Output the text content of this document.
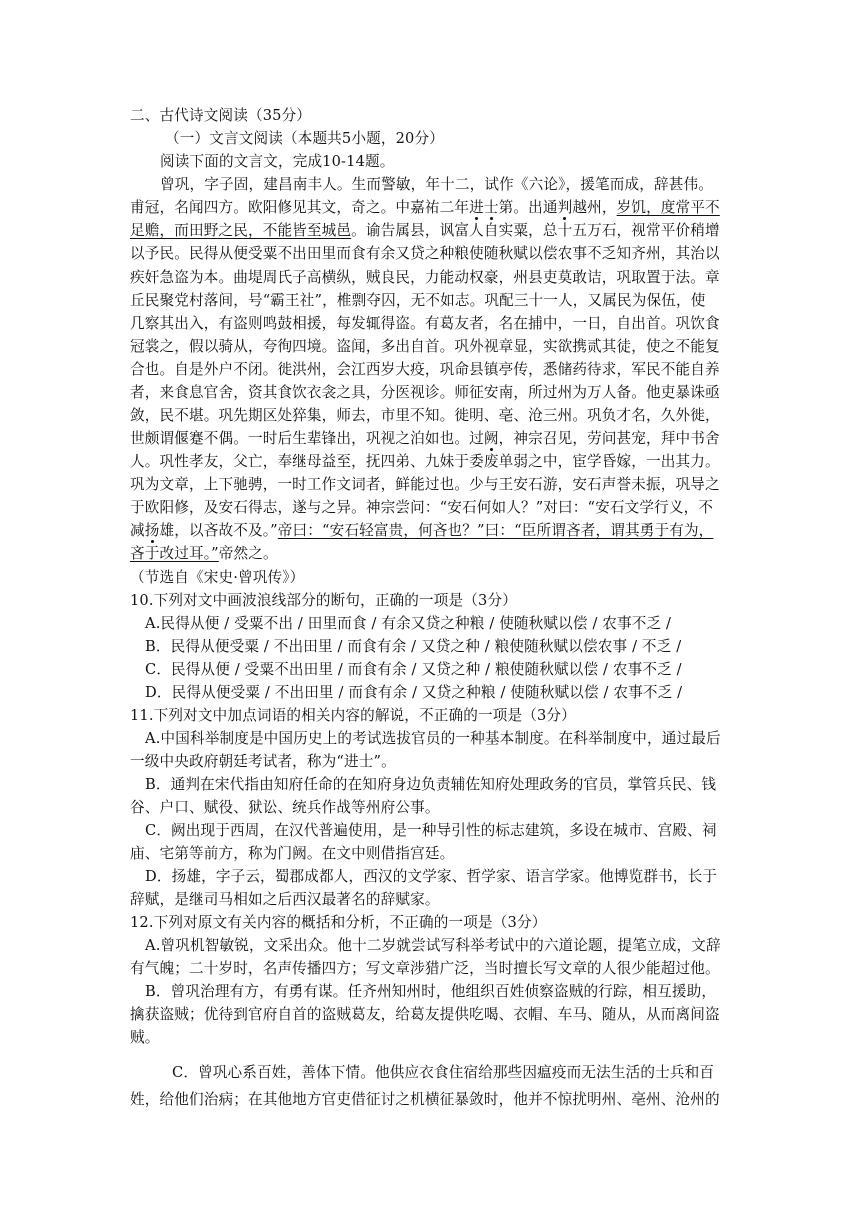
二、古代诗文阅读（35分）
（一）文言文阅读（本题共5小题，20分）
阅读下面的文言文，完成10-14题。
曾巩，字子固，建昌南丰人。生而警敏，年十二，试作《六论》，援笔而成，辞甚伟。
甫冠，名闻四方。欧阳修见其文，奇之。中嘉祐二年进士第。出通判越州，岁饥，度常平不
足赡，而田野之民，不能皆至城邑。谕告属县，讽富人自实粟，总十五万石，视常平价稍增
以予民。民得从便受粟不出田里而食有余又贷之种粮使随秋赋以偿农事不乏知齐州，其治以
疾奸急盗为本。曲堤周氏子高横纵，贼良民，力能动权豪，州县吏莫敢诘，巩取置于法。章
丘民聚党村落间，号“霸王社”，椎剽夺囚，无不如志。巩配三十一人，又属民为保伍，使
几察其出入，有盗则鸣鼓相援，每发辄得盗。有葛友者，名在捕中，一日，自出首。巩饮食
冠裳之，假以骑从，夸徇四境。盗闻，多出自首。巩外视章显，实欲携贰其徒，使之不能复
合也。自是外户不闭。徙洪州，会江西岁大疫，巩命县镇亭传，悉储药待求，军民不能自养
者，来食息官舍，资其食饮衣衾之具，分医视诊。师征安南，所过州为万人备。他吏暴诛亟
敛，民不堪。巩先期区处猝集，师去，市里不知。徙明、亳、沧三州。巩负才名，久外徙，
世颇谓偃蹇不偶。一时后生辈锋出，巩视之泊如也。过阙，神宗召见，劳问甚宠，拜中书舍
人。巩性孝友，父亡，奉继母益至，抚四弟、九妹于委废单弱之中，宦学昏嫁，一出其力。
巩为文章，上下驰骋，一时工作文词者，鲜能过也。少与王安石游，安石声誉未振，巩导之
于欧阳修，及安石得志，遂与之异。神宗尝问：“安石何如人？”对曰：“安石文学行义，不
减扬雄，以吝故不及。”帝曰：“安石轻富贵，何吝也？”曰：“臣所谓吝者，谓其勇于有为，
吝于改过耳。”帝然之。
（节选自《宋史·曾巩传》）
10.下列对文中画波浪线部分的断句，正确的一项是（3分）
A.民得从便 / 受粟不出 / 田里而食 / 有余又贷之种粮 / 使随秋赋以偿 / 农事不乏 /
B．民得从便受粟 / 不出田里 / 而食有余 / 又贷之种 / 粮使随秋赋以偿农事 / 不乏 /
C．民得从便 / 受粟不出田里 / 而食有余 / 又贷之种 / 粮使随秋赋以偿 / 农事不乏 /
D．民得从便受粟 / 不出田里 / 而食有余 / 又贷之种粮 / 使随秋赋以偿 / 农事不乏 /
11.下列对文中加点词语的相关内容的解说，不正确的一项是（3分）
A.中国科举制度是中国历史上的考试选拔官员的一种基本制度。在科举制度中，通过最后
一级中央政府朝廷考试者，称为“进士”。
B．通判在宋代指由知府任命的在知府身边负责辅佐知府处理政务的官员，掌管兵民、钱
谷、户口、赋役、狱讼、统兵作战等州府公事。
C．阙出现于西周，在汉代普遍使用，是一种导引性的标志建筑，多设在城市、宫殿、祠
庙、宅第等前方，称为门阙。在文中则借指宫廷。
D．扬雄，字子云，蜀郡成都人，西汉的文学家、哲学家、语言学家。他博览群书，长于
辞赋，是继司马相如之后西汉最著名的辞赋家。
12.下列对原文有关内容的概括和分析，不正确的一项是（3分）
A.曾巩机智敏锐，文采出众。他十二岁就尝试写科举考试中的六道论题，提笔立成，文辞
有气魄；二十岁时，名声传播四方；写文章涉猎广泛，当时擅长写文章的人很少能超过他。
B．曾巩治理有方，有勇有谋。任齐州知州时，他组织百姓侦察盗贼的行踪，相互援助，
擒获盗贼；优待到官府自首的盗贼葛友，给葛友提供吃喝、衣帽、车马、随从，从而离间盗
贼。
C．曾巩心系百姓，善体下情。他供应衣食住宿给那些因瘟疫而无法生活的士兵和百
姓，给他们治病；在其他地方官吏借征讨之机横征暴敛时，他并不惊扰明州、亳州、沧州的
